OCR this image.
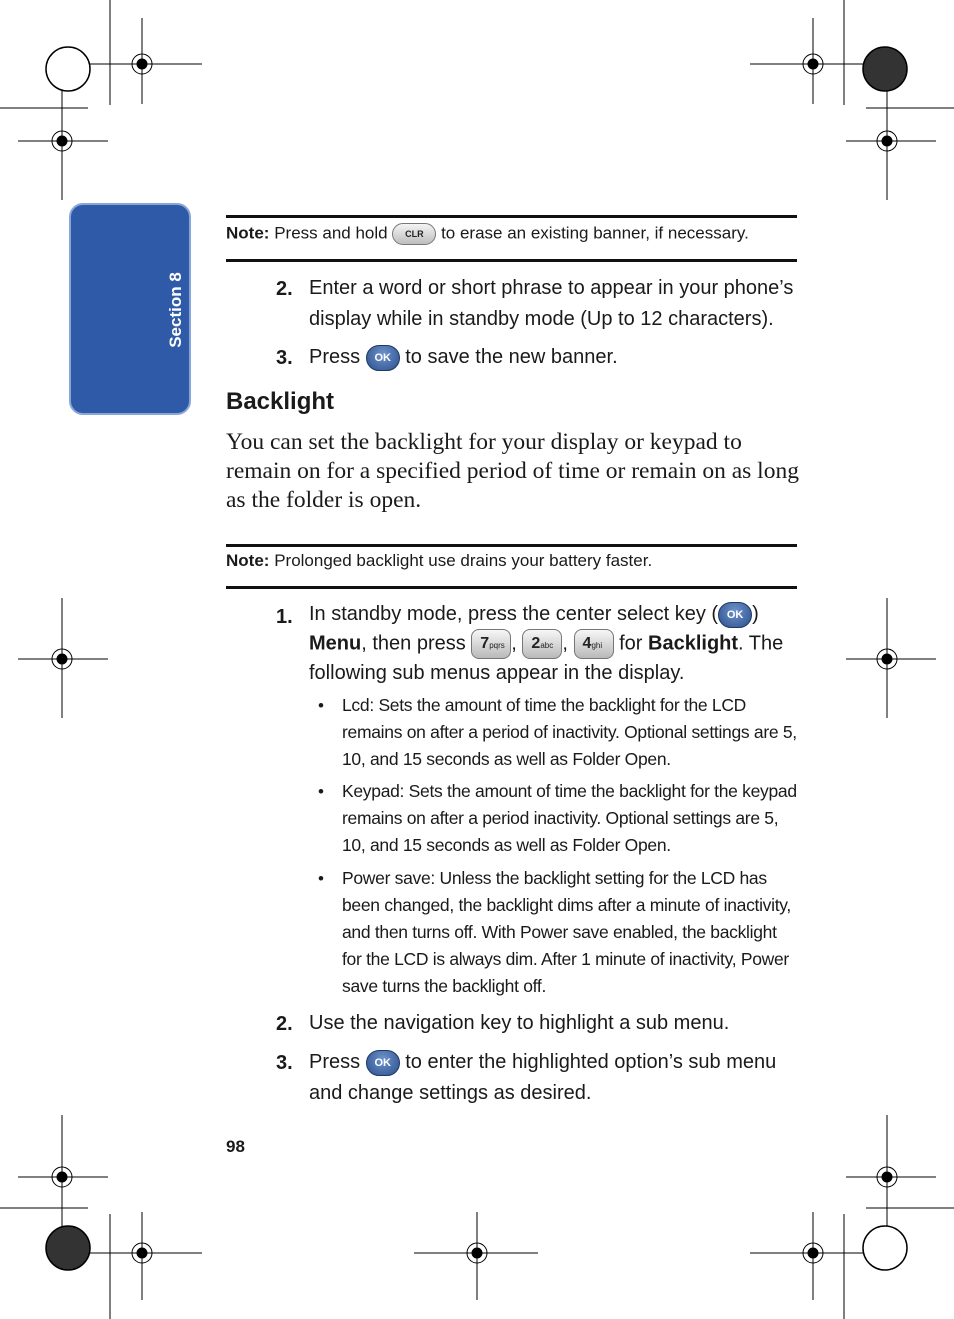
Section 8
Note: Press and hold CLR to erase an existing banner, if necessary.
2. Enter a word or short phrase to appear in your phone’s display while in standby mode (Up to 12 characters).
3. Press OK to save the new banner.
Backlight
You can set the backlight for your display or keypad to remain on for a specified period of time or remain on as long as the folder is open.
Note: Prolonged backlight use drains your battery faster.
1. In standby mode, press the center select key ( OK )
Menu, then press 7pqrs , 2abc , 4ghi for Backlight. The following sub menus appear in the display.
• Lcd: Sets the amount of time the backlight for the LCD remains on after a period of inactivity. Optional settings are 5, 10, and 15 seconds as well as Folder Open.
• Keypad: Sets the amount of time the backlight for the keypad remains on after a period inactivity. Optional settings are 5, 10, and 15 seconds as well as Folder Open.
• Power save: Unless the backlight setting for the LCD has been changed, the backlight dims after a minute of inactivity, and then turns off. With Power save enabled, the backlight for the LCD is always dim. After 1 minute of inactivity, Power save turns the backlight off.
2. Use the navigation key to highlight a sub menu.
3. Press OK to enter the highlighted option’s sub menu and change settings as desired.
98
